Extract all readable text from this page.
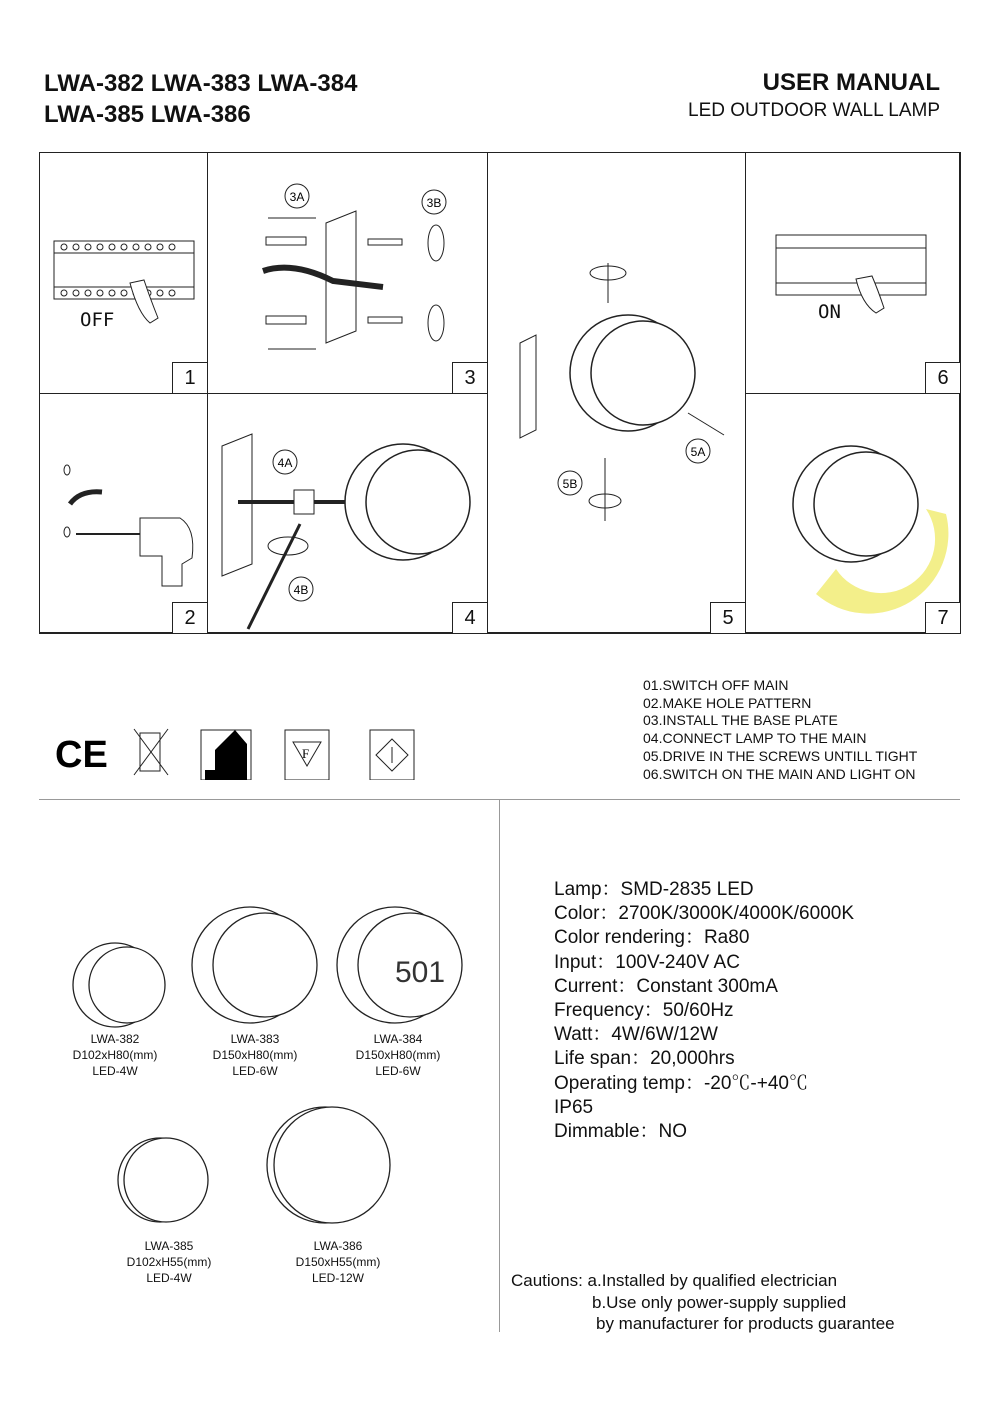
LWA-382 LWA-383 LWA-384
LWA-385 LWA-386
USER MANUAL
LED OUTDOOR WALL LAMP
OFF
1
2
3A	3B
3
4A
4B
4
5A
5B
5
ON
6
7
CE	F
01.SWITCH OFF MAIN
02.MAKE HOLE PATTERN
03.INSTALL THE BASE PLATE
04.CONNECT LAMP TO THE MAIN
05.DRIVE IN THE SCREWS UNTILL TIGHT
06.SWITCH ON THE MAIN AND LIGHT ON
501
LWA-382
D102xH80(mm)
LED-4W
LWA-383
D150xH80(mm)
LED-6W
LWA-384
D150xH80(mm)
LED-6W
LWA-385
D102xH55(mm)
LED-4W
LWA-386
D150xH55(mm)
LED-12W
Lamp：SMD-2835 LED
Color：2700K/3000K/4000K/6000K
Color rendering：Ra80
Input：100V-240V AC
Current：Constant 300mA
Frequency：50/60Hz
Watt：4W/6W/12W
Life span：20,000hrs
Operating temp：-20℃-+40℃
IP65
Dimmable：NO
Cautions: a.Installed by qualified electrician
b.Use only power-supply supplied
by manufacturer for products guarantee
